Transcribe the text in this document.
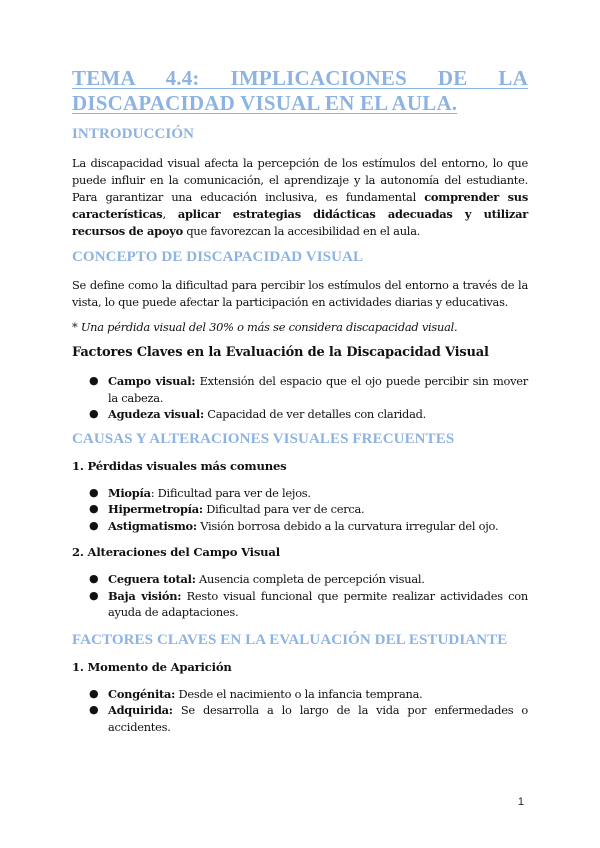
TEMA 4.4: IMPLICACIONES DE LA
DISCAPACIDAD VISUAL EN EL AULA.
INTRODUCCIÓN

La discapacidad visual afecta la percepción de los estímulos del entorno, lo que puede influir en la comunicación, el aprendizaje y la autonomía del estudiante. Para garantizar una educación inclusiva, es fundamental comprender sus características, aplicar estrategias didácticas adecuadas y utilizar recursos de apoyo que favorezcan la accesibilidad en el aula.

CONCEPTO DE DISCAPACIDAD VISUAL

Se define como la dificultad para percibir los estímulos del entorno a través de la vista, lo que puede afectar la participación en actividades diarias y educativas.

* Una pérdida visual del 30% o más se considera discapacidad visual.

Factores Claves en la Evaluación de la Discapacidad Visual
● Campo visual: Extensión del espacio que el ojo puede percibir sin mover la cabeza.
● Agudeza visual: Capacidad de ver detalles con claridad.
CAUSAS Y ALTERACIONES VISUALES FRECUENTES
1. Pérdidas visuales más comunes
● Miopía: Dificultad para ver de lejos.
● Hipermetropía: Dificultad para ver de cerca.
● Astigmatismo: Visión borrosa debido a la curvatura irregular del ojo.
2. Alteraciones del Campo Visual
● Ceguera total: Ausencia completa de percepción visual.
● Baja visión: Resto visual funcional que permite realizar actividades con ayuda de adaptaciones.
FACTORES CLAVES EN LA EVALUACIÓN DEL ESTUDIANTE
1. Momento de Aparición
● Congénita: Desde el nacimiento o la infancia temprana.
● Adquirida: Se desarrolla a lo largo de la vida por enfermedades o accidentes.
1
